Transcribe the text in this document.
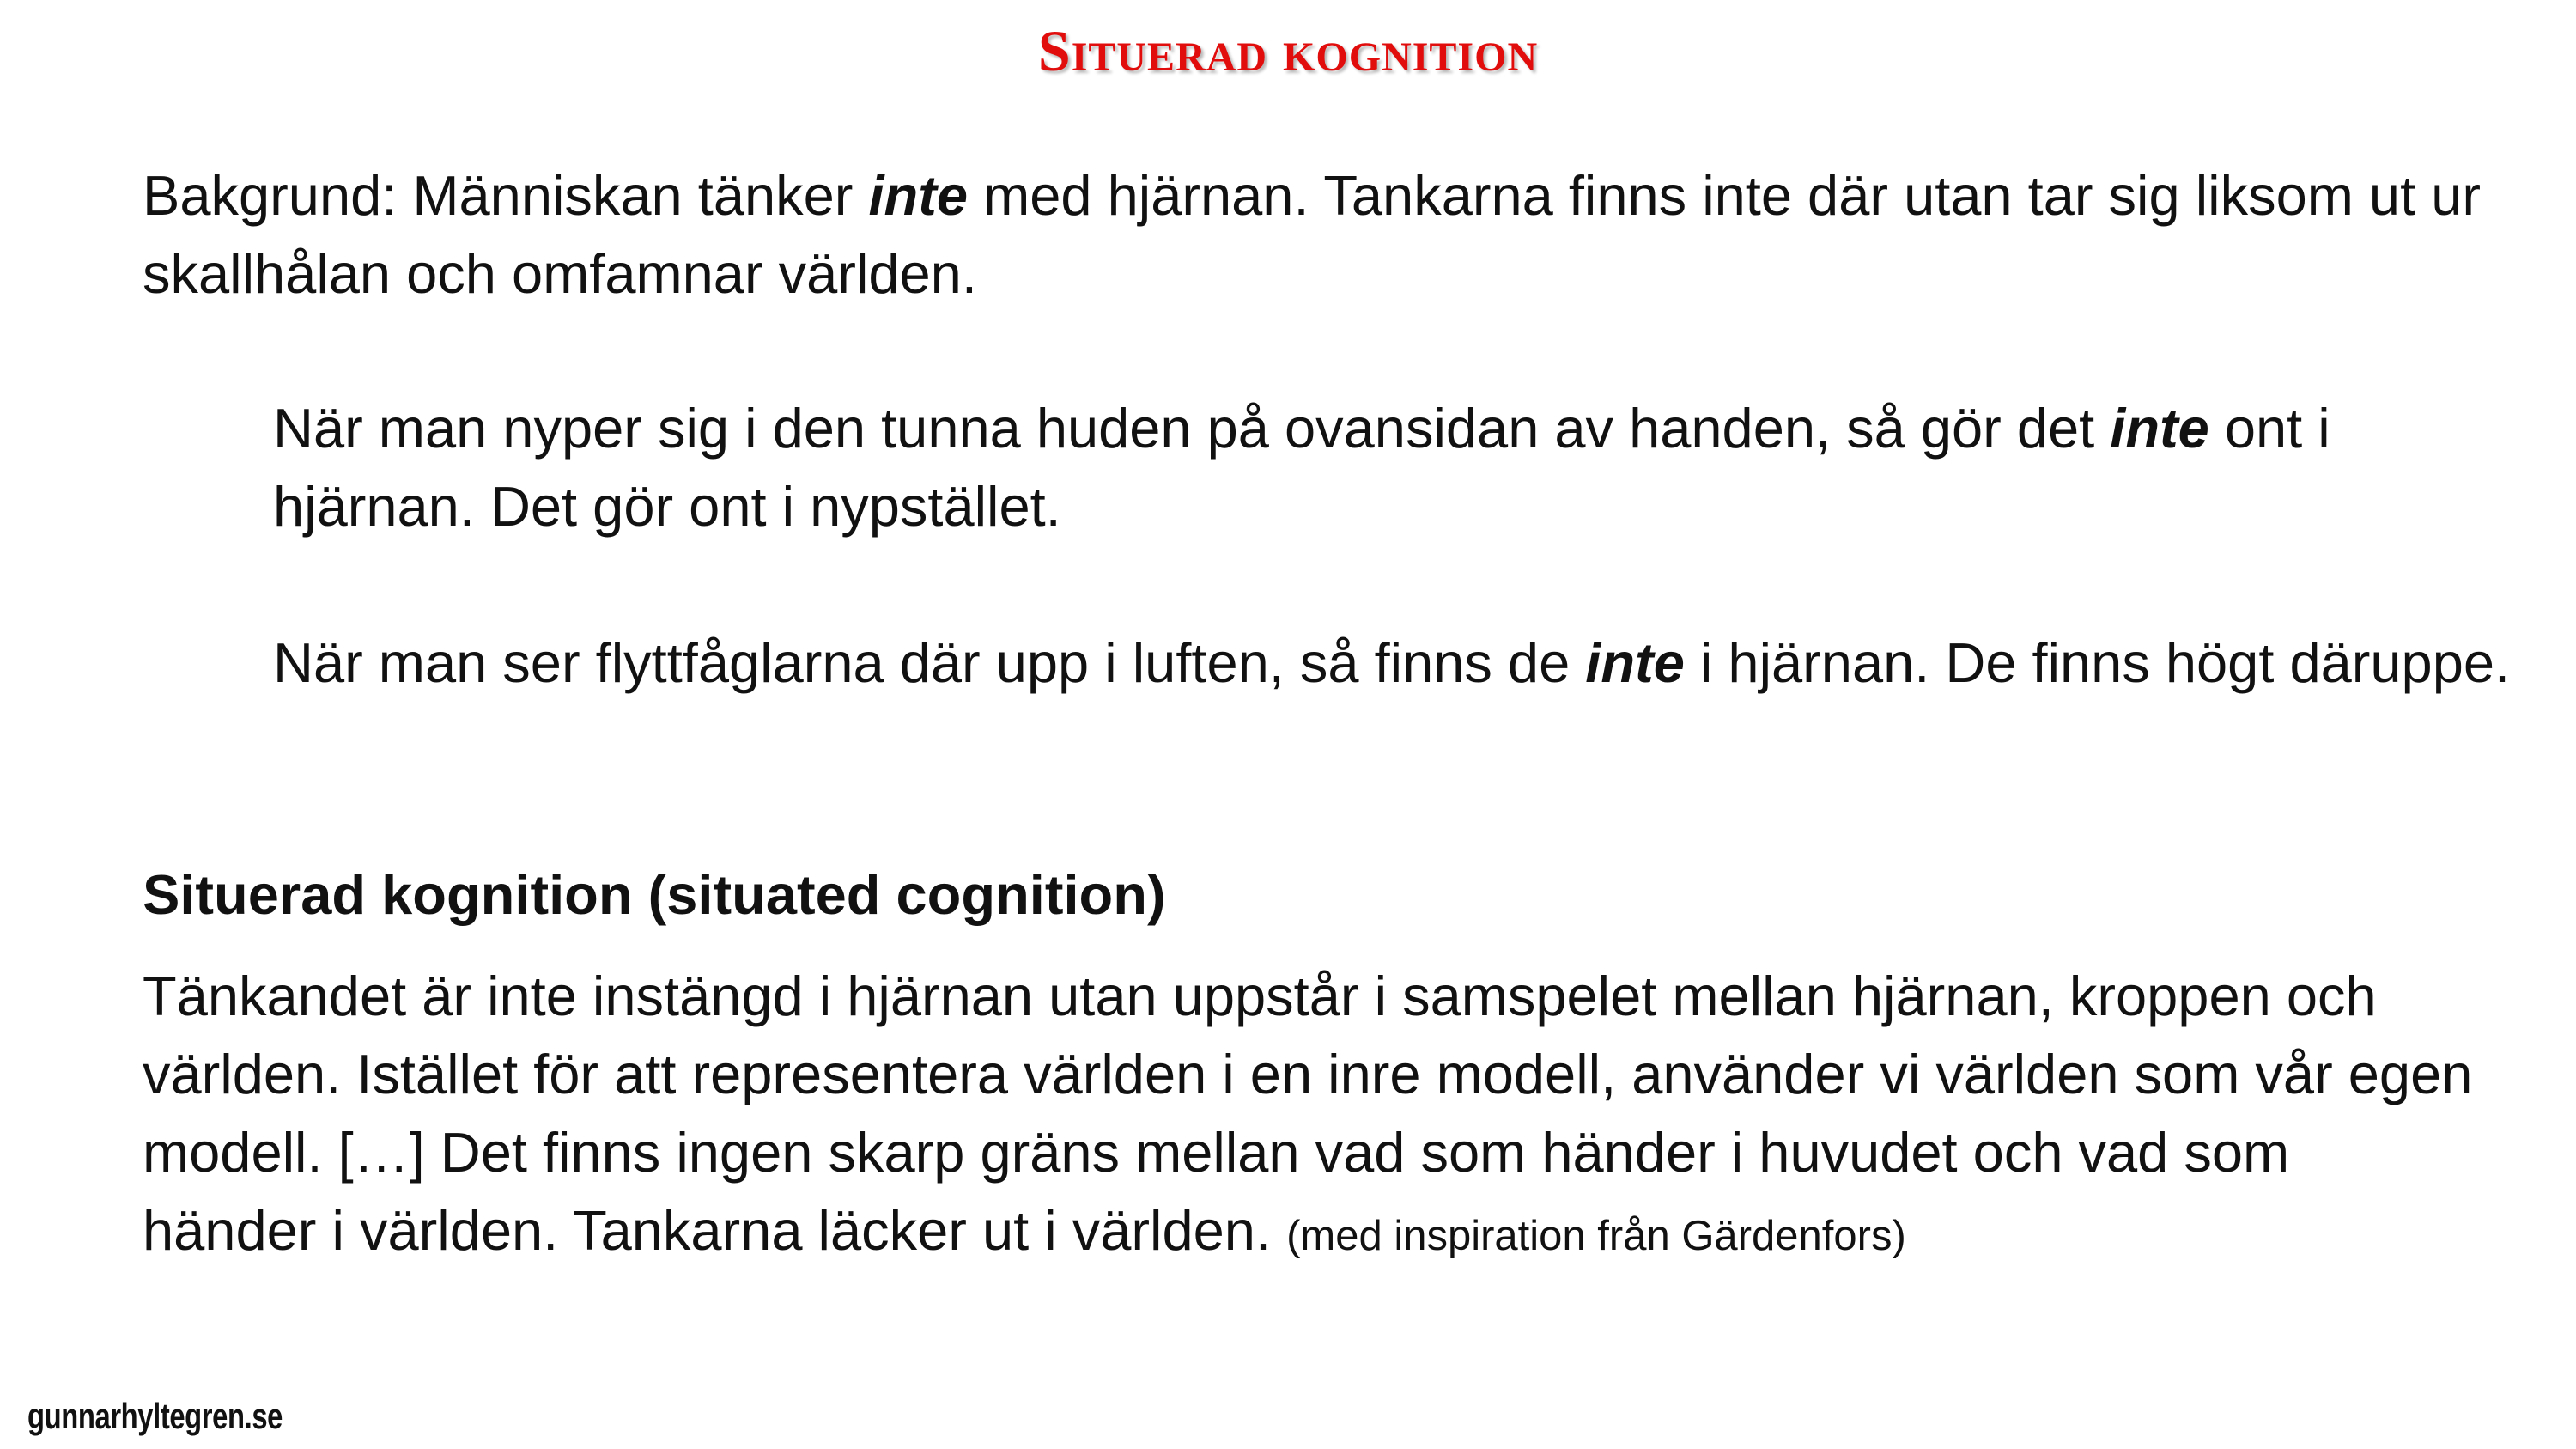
Situerad kognition

Bakgrund: Människan tänker inte med hjärnan. Tankarna finns inte där utan tar sig liksom ut ur skallhålan och omfamnar världen.

När man nyper sig i den tunna huden på ovansidan av handen, så gör det inte ont i hjärnan. Det gör ont i nypstället.

När man ser flyttfåglarna där upp i luften, så finns de inte i hjärnan. De finns högt däruppe.

Situerad kognition (situated cognition)

Tänkandet är inte instängd i hjärnan utan uppstår i samspelet mellan hjärnan, kroppen och världen. Istället för att representera världen i en inre modell, använder vi världen som vår egen modell. […] Det finns ingen skarp gräns mellan vad som händer i huvudet och vad som händer i världen. Tankarna läcker ut i världen. (med inspiration från Gärdenfors)

gunnarhyltegren.se
